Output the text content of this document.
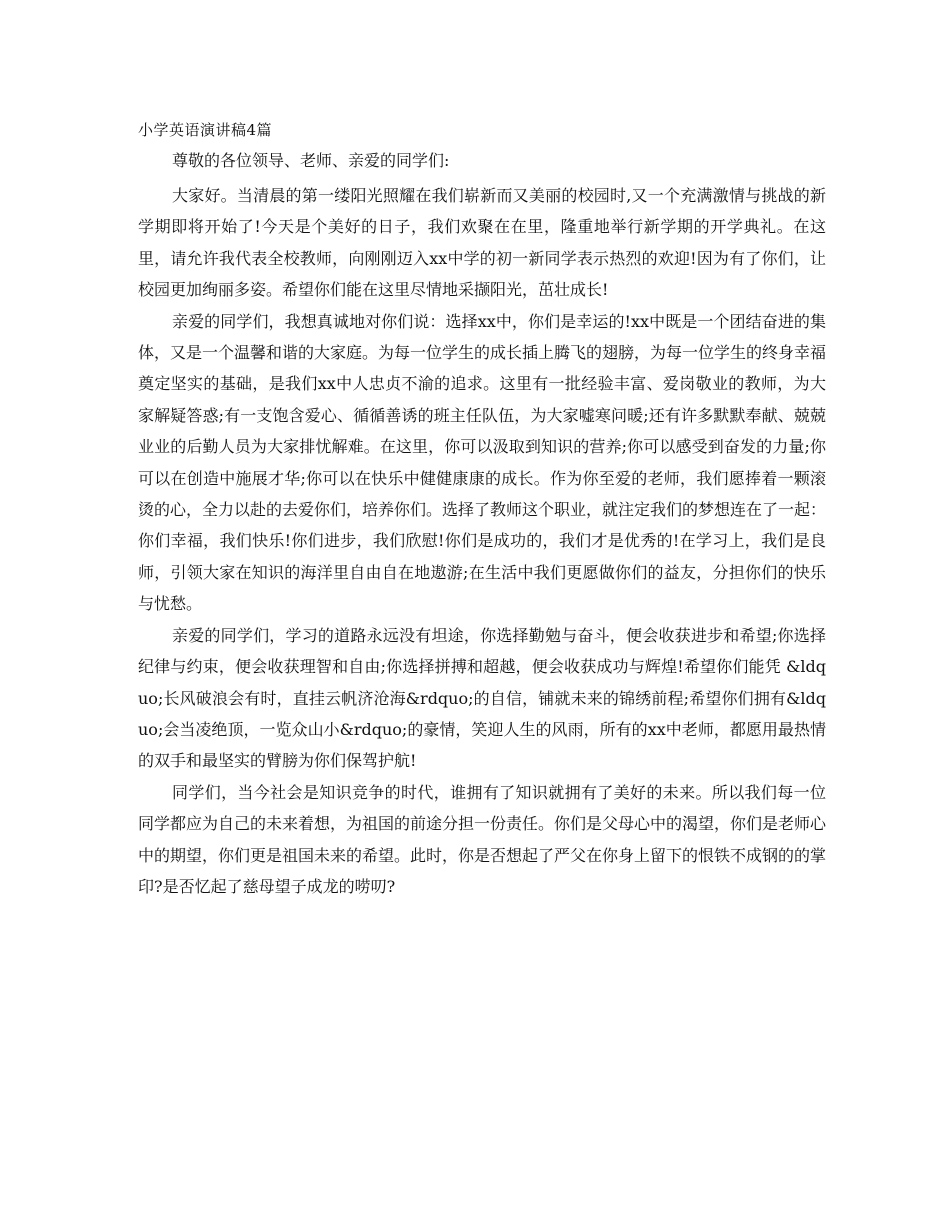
小学英语演讲稿4篇

尊敬的各位领导、老师、亲爱的同学们:

大家好。当清晨的第一缕阳光照耀在我们崭新而又美丽的校园时,又一个充满激情与挑战的新学期即将开始了!今天是个美好的日子，我们欢聚在在里，隆重地举行新学期的开学典礼。在这里，请允许我代表全校教师，向刚刚迈入xx中学的初一新同学表示热烈的欢迎!因为有了你们，让校园更加绚丽多姿。希望你们能在这里尽情地采撷阳光，茁壮成长!

亲爱的同学们，我想真诚地对你们说：选择xx中，你们是幸运的!xx中既是一个团结奋进的集体，又是一个温馨和谐的大家庭。为每一位学生的成长插上腾飞的翅膀，为每一位学生的终身幸福奠定坚实的基础，是我们xx中人忠贞不渝的追求。这里有一批经验丰富、爱岗敬业的教师，为大家解疑答惑;有一支饱含爱心、循循善诱的班主任队伍，为大家嘘寒问暖;还有许多默默奉献、兢兢业业的后勤人员为大家排忧解难。在这里，你可以汲取到知识的营养;你可以感受到奋发的力量;你可以在创造中施展才华;你可以在快乐中健健康康的成长。作为你至爱的老师，我们愿捧着一颗滚烫的心，全力以赴的去爱你们，培养你们。选择了教师这个职业，就注定我们的梦想连在了一起：你们幸福，我们快乐!你们进步，我们欣慰!你们是成功的，我们才是优秀的!在学习上，我们是良师，引领大家在知识的海洋里自由自在地遨游;在生活中我们更愿做你们的益友，分担你们的快乐与忧愁。

亲爱的同学们，学习的道路永远没有坦途，你选择勤勉与奋斗，便会收获进步和希望;你选择纪律与约束，便会收获理智和自由;你选择拼搏和超越，便会收获成功与辉煌!希望你们能凭 &ldquo;长风破浪会有时，直挂云帆济沧海&rdquo;的自信，铺就未来的锦绣前程;希望你们拥有&ldquo;会当凌绝顶，一览众山小&rdquo;的豪情，笑迎人生的风雨，所有的xx中老师，都愿用最热情的双手和最坚实的臂膀为你们保驾护航!

同学们，当今社会是知识竞争的时代，谁拥有了知识就拥有了美好的未来。所以我们每一位同学都应为自己的未来着想，为祖国的前途分担一份责任。你们是父母心中的渴望，你们是老师心中的期望，你们更是祖国未来的希望。此时，你是否想起了严父在你身上留下的恨铁不成钢的的掌印?是否忆起了慈母望子成龙的唠叨?
